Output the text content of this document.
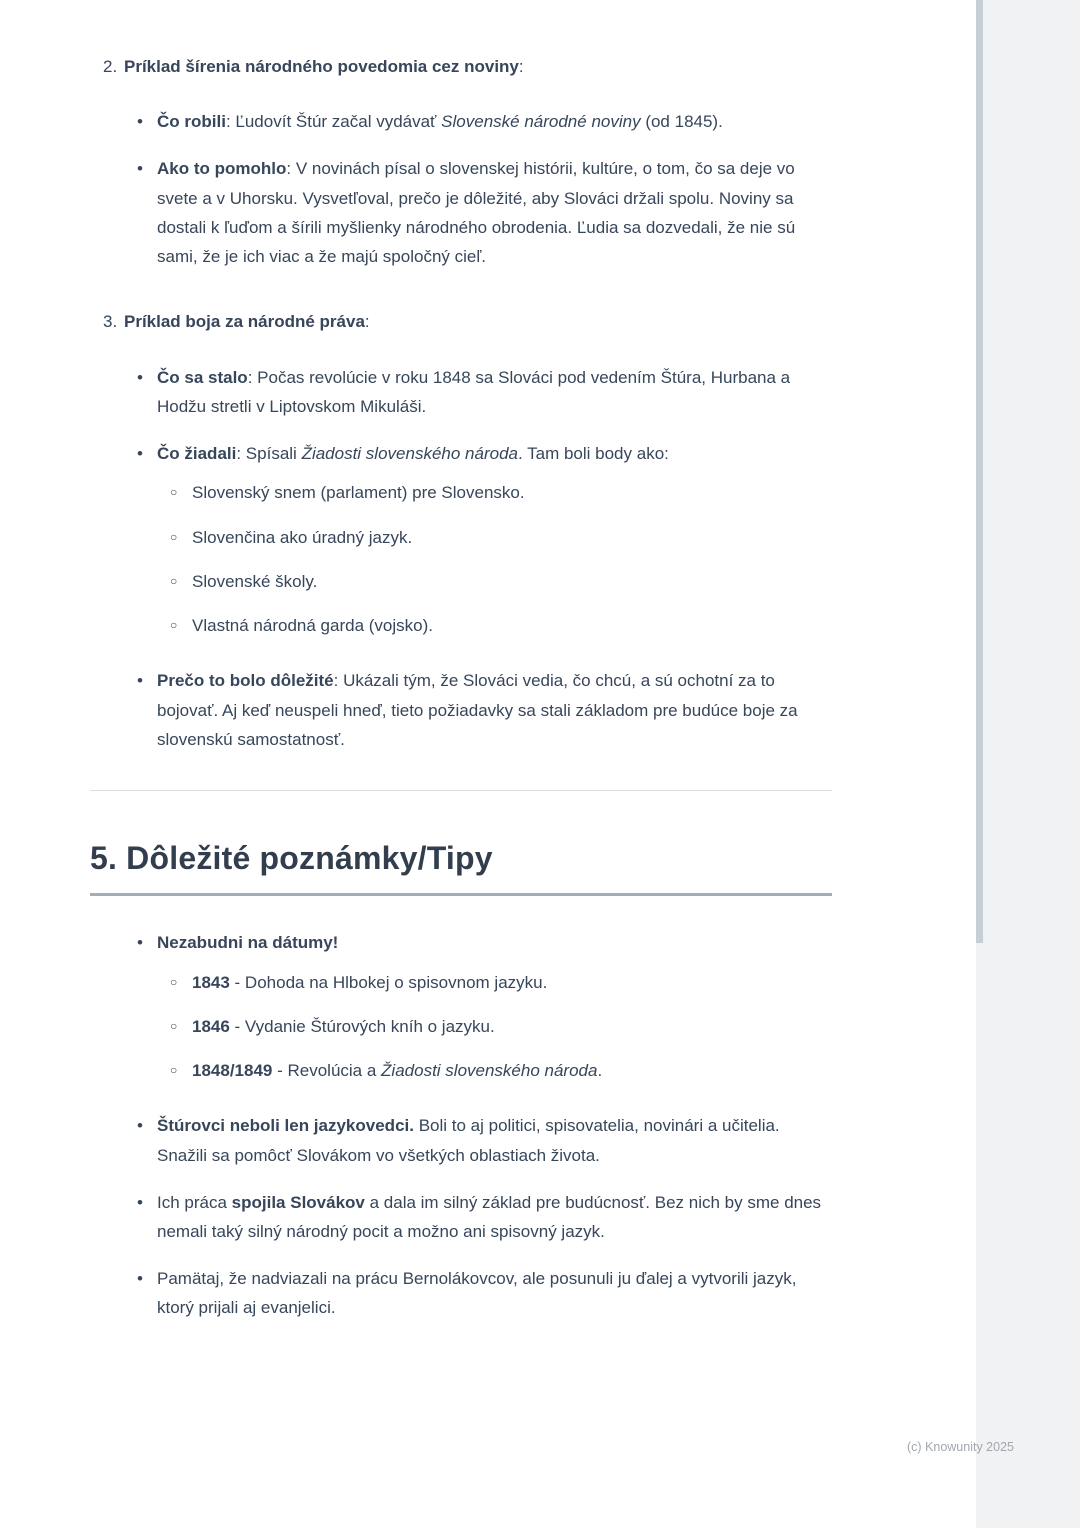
2. Príklad šírenia národného povedomia cez noviny:
• Čo robili: Ľudovít Štúr začal vydávať Slovenské národné noviny (od 1845).
• Ako to pomohlo: V novinách písal o slovenskej histórii, kultúre, o tom, čo sa deje vo svete a v Uhorsku. Vysvetľoval, prečo je dôležité, aby Slováci držali spolu. Noviny sa dostali k ľuďom a šírili myšlienky národného obrodenia. Ľudia sa dozvedali, že nie sú sami, že je ich viac a že majú spoločný cieľ.
3. Príklad boja za národné práva:
• Čo sa stalo: Počas revolúcie v roku 1848 sa Slováci pod vedením Štúra, Hurbana a Hodžu stretli v Liptovskom Mikuláši.
• Čo žiadali: Spísali Žiadosti slovenského národa. Tam boli body ako:
○ Slovenský snem (parlament) pre Slovensko.
○ Slovenčina ako úradný jazyk.
○ Slovenské školy.
○ Vlastná národná garda (vojsko).
• Prečo to bolo dôležité: Ukázali tým, že Slováci vedia, čo chcú, a sú ochotní za to bojovať. Aj keď neuspeli hneď, tieto požiadavky sa stali základom pre budúce boje za slovenskú samostatnosť.
5. Dôležité poznámky/Tipy
• Nezabudni na dátumy!
○ 1843 - Dohoda na Hlbokej o spisovnom jazyku.
○ 1846 - Vydanie Štúrových kníh o jazyku.
○ 1848/1849 - Revolúcia a Žiadosti slovenského národa.
• Štúrovci neboli len jazykovedci. Boli to aj politici, spisovatelia, novinári a učitelia. Snažili sa pomôcť Slovákom vo všetkých oblastiach života.
• Ich práca spojila Slovákov a dala im silný základ pre budúcnosť. Bez nich by sme dnes nemali taký silný národný pocit a možno ani spisovný jazyk.
• Pamätaj, že nadviazali na prácu Bernolákovcov, ale posunuli ju ďalej a vytvorili jazyk, ktorý prijali aj evanjelici.
(c) Knowunity 2025
